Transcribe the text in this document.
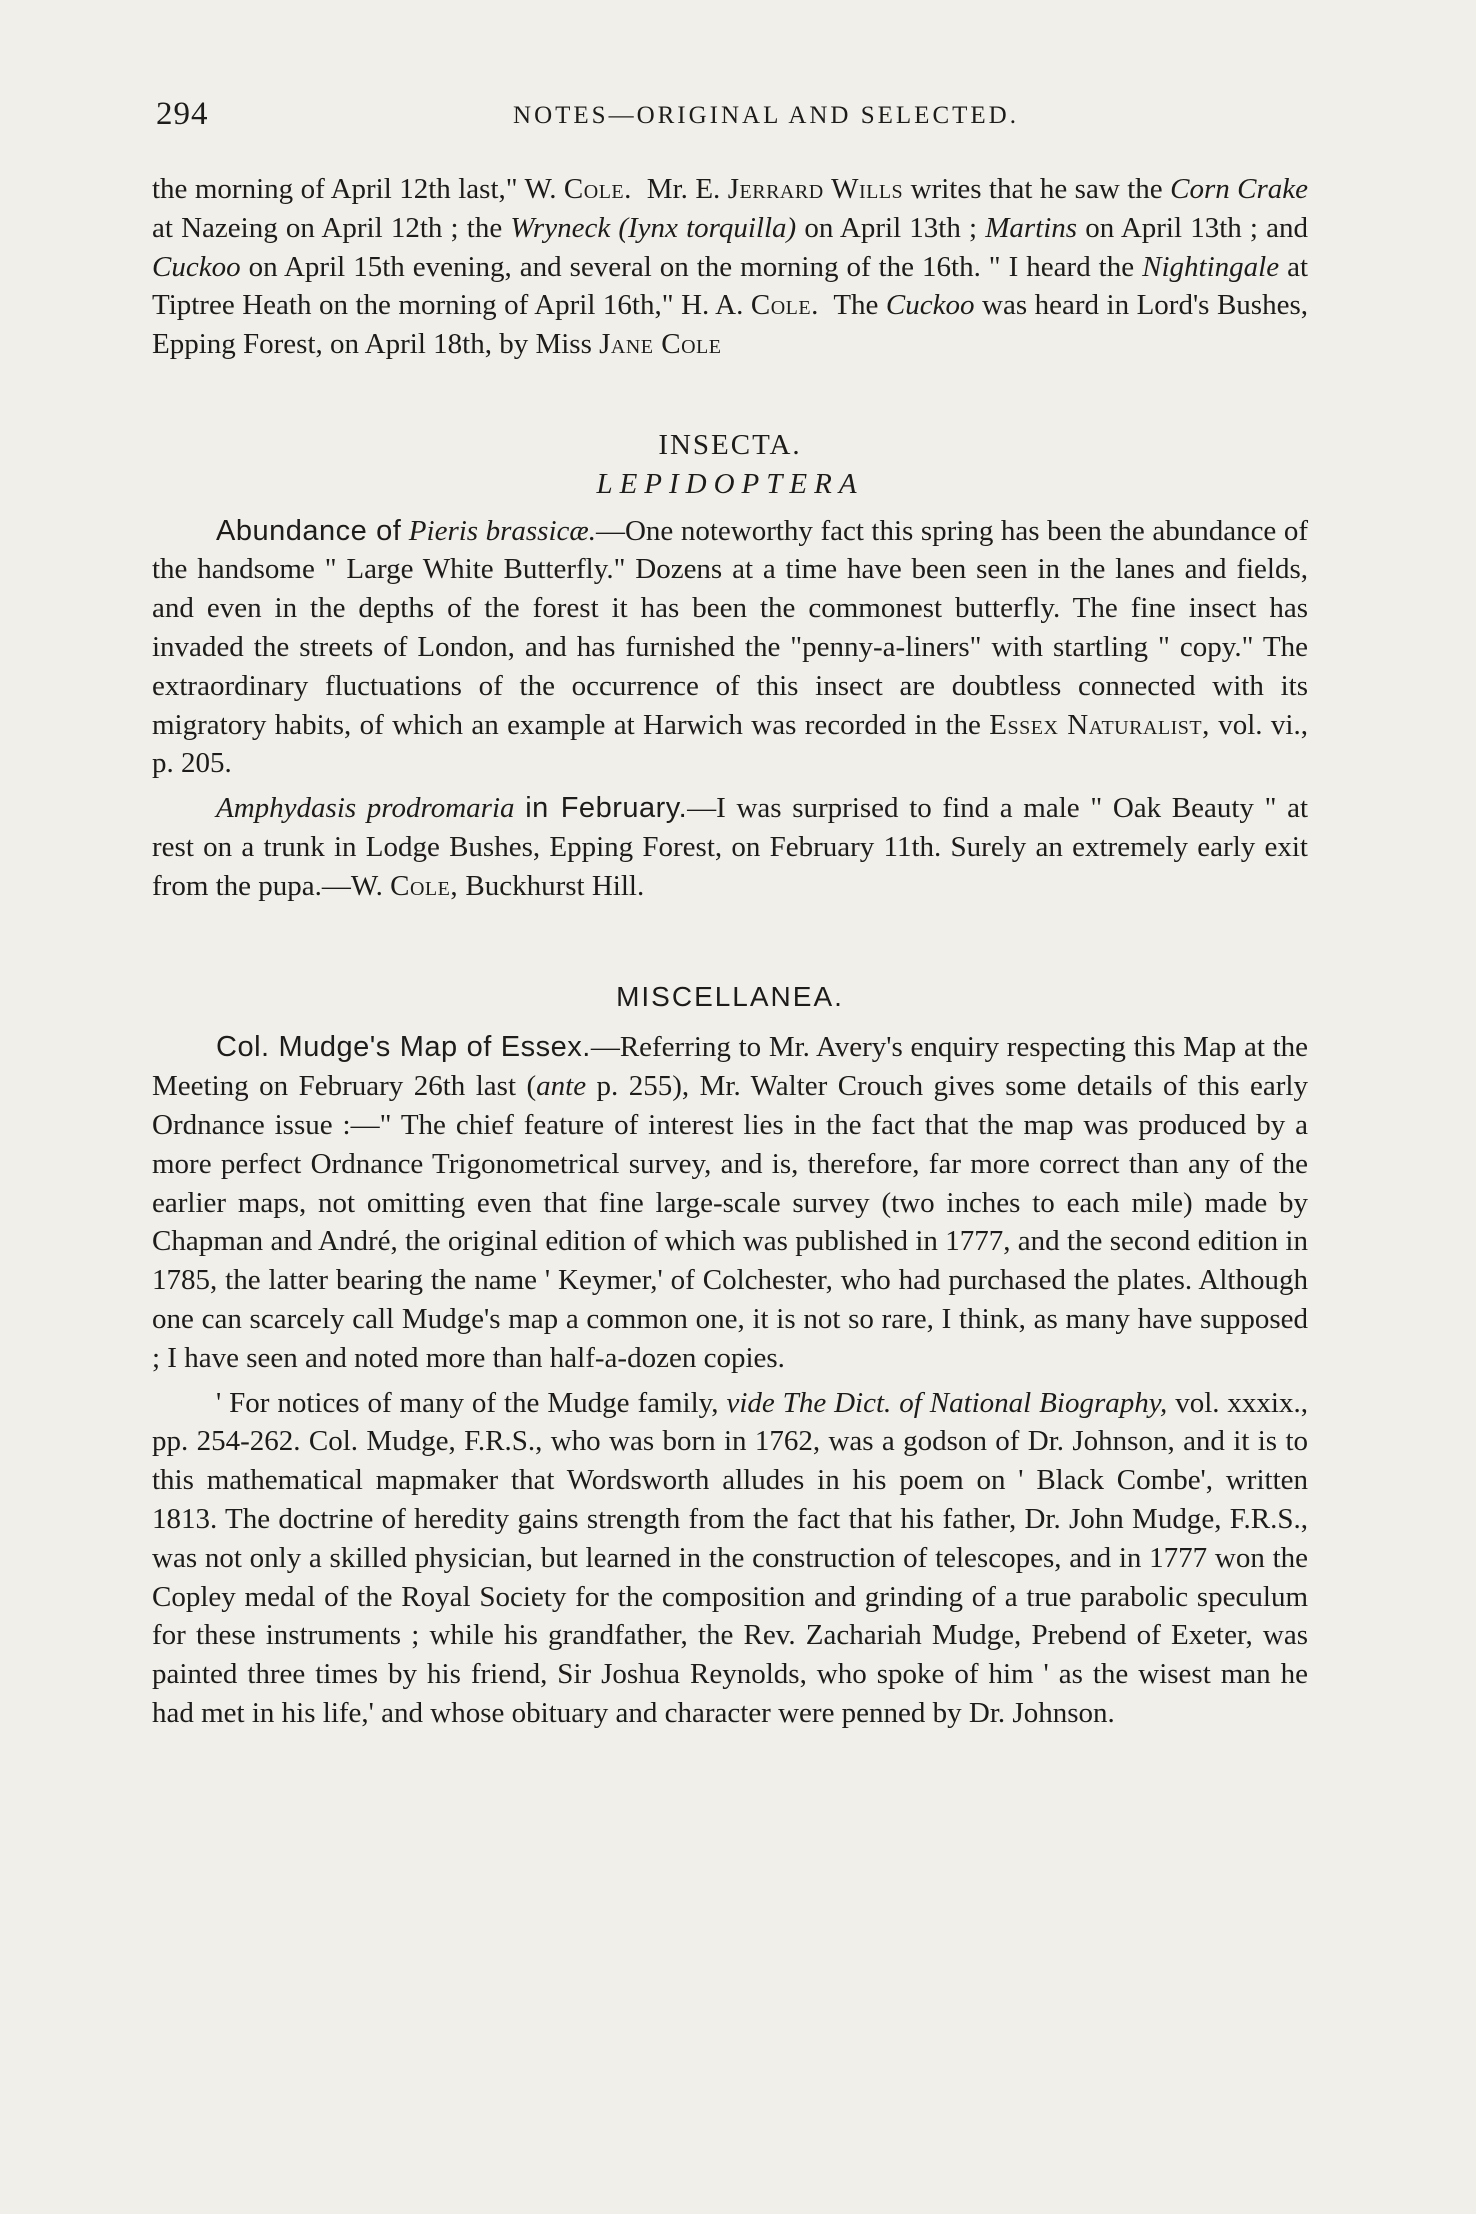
294	NOTES—ORIGINAL AND SELECTED.

the morning of April 12th last," W. Cole. Mr. E. Jerrard Wills writes that he saw the Corn Crake at Nazeing on April 12th ; the Wryneck (Iynx torquilla) on April 13th ; Martins on April 13th ; and Cuckoo on April 15th evening, and several on the morning of the 16th. " I heard the Nightingale at Tiptree Heath on the morning of April 16th," H. A. Cole. The Cuckoo was heard in Lord's Bushes, Epping Forest, on April 18th, by Miss Jane Cole

INSECTA.
LEPIDOPTERA

Abundance of Pieris brassicæ.—One noteworthy fact this spring has been the abundance of the handsome " Large White Butterfly." Dozens at a time have been seen in the lanes and fields, and even in the depths of the forest it has been the commonest butterfly. The fine insect has invaded the streets of London, and has furnished the "penny-a-liners" with startling " copy." The extraordinary fluctuations of the occurrence of this insect are doubtless connected with its migratory habits, of which an example at Harwich was recorded in the Essex Naturalist, vol. vi., p. 205.

Amphydasis prodromaria in February.—I was surprised to find a male " Oak Beauty " at rest on a trunk in Lodge Bushes, Epping Forest, on February 11th. Surely an extremely early exit from the pupa.—W. Cole, Buckhurst Hill.

MISCELLANEA.

Col. Mudge's Map of Essex.—Referring to Mr. Avery's enquiry respecting this Map at the Meeting on February 26th last (ante p. 255), Mr. Walter Crouch gives some details of this early Ordnance issue :—" The chief feature of interest lies in the fact that the map was produced by a more perfect Ordnance Trigonometrical survey, and is, therefore, far more correct than any of the earlier maps, not omitting even that fine large-scale survey (two inches to each mile) made by Chapman and André, the original edition of which was published in 1777, and the second edition in 1785, the latter bearing the name ' Keymer,' of Colchester, who had purchased the plates. Although one can scarcely call Mudge's map a common one, it is not so rare, I think, as many have supposed ; I have seen and noted more than half-a-dozen copies.

' For notices of many of the Mudge family, vide The Dict. of National Biography, vol. xxxix., pp. 254-262. Col. Mudge, F.R.S., who was born in 1762, was a godson of Dr. Johnson, and it is to this mathematical mapmaker that Wordsworth alludes in his poem on ' Black Combe', written 1813. The doctrine of heredity gains strength from the fact that his father, Dr. John Mudge, F.R.S., was not only a skilled physician, but learned in the construction of telescopes, and in 1777 won the Copley medal of the Royal Society for the composition and grinding of a true parabolic speculum for these instruments ; while his grandfather, the Rev. Zachariah Mudge, Prebend of Exeter, was painted three times by his friend, Sir Joshua Reynolds, who spoke of him ' as the wisest man he had met in his life,' and whose obituary and character were penned by Dr. Johnson.
